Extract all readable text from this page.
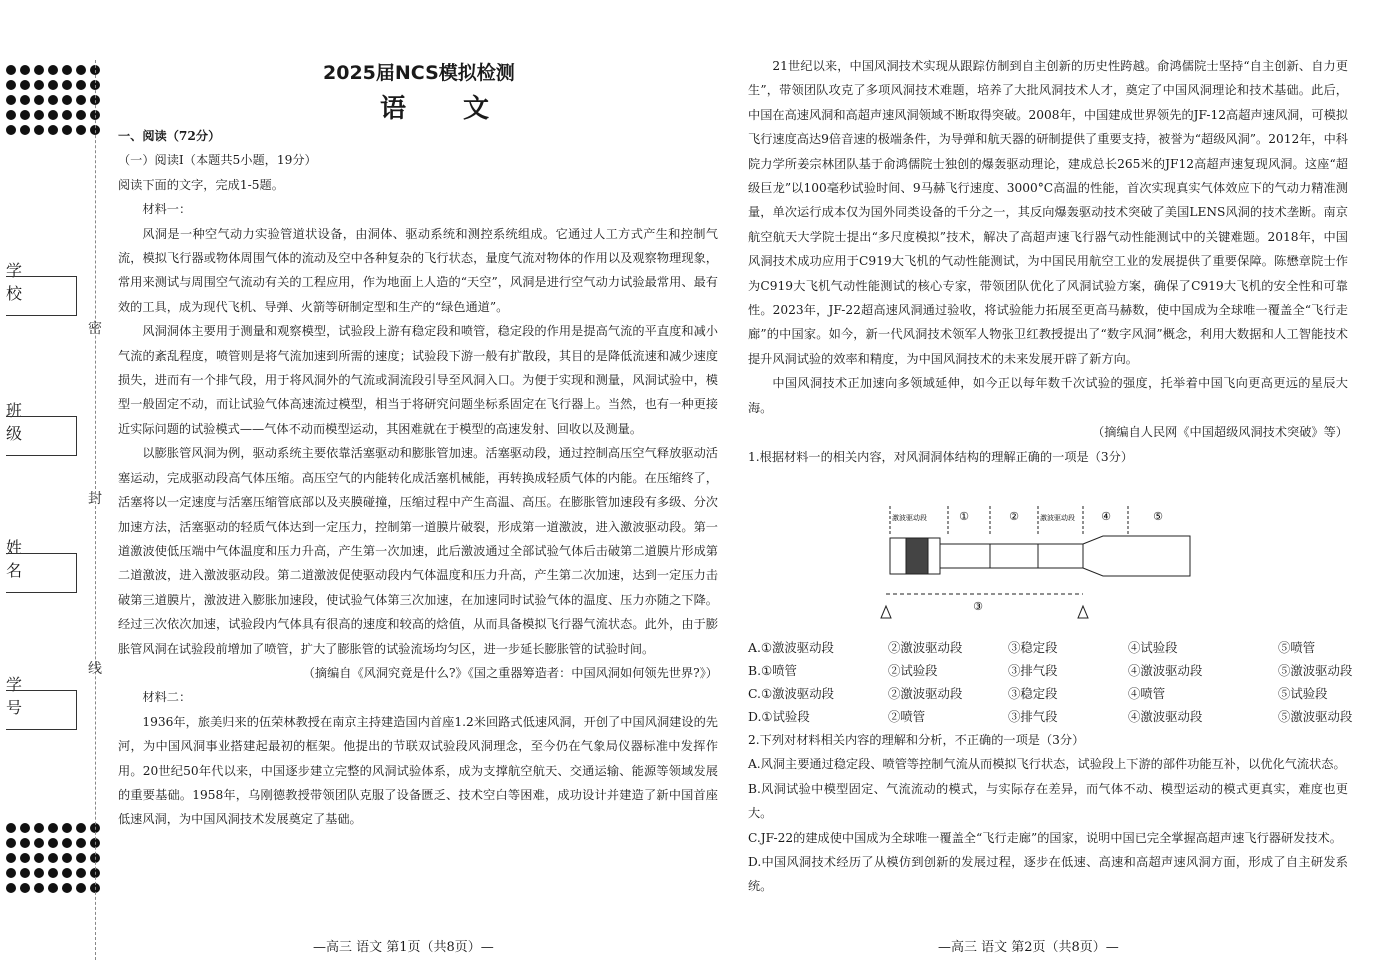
学 校
班 级
姓 名
学 号
密
封
线
2025届NCS模拟检测
语 文

一、阅读（72分）

（一）阅读Ⅰ（本题共5小题，19分）

阅读下面的文字，完成1-5题。

材料一：

风洞是一种空气动力实验管道状设备，由洞体、驱动系统和测控系统组成。它通过人工方式产生和控制气流，模拟飞行器或物体周围气体的流动及空中各种复杂的飞行状态，量度气流对物体的作用以及观察物理现象，常用来测试与周围空气流动有关的工程应用，作为地面上人造的“天空”，风洞是进行空气动力试验最常用、最有效的工具，成为现代飞机、导弹、火箭等研制定型和生产的“绿色通道”。

风洞洞体主要用于测量和观察模型，试验段上游有稳定段和喷管，稳定段的作用是提高气流的平直度和减小气流的紊乱程度，喷管则是将气流加速到所需的速度；试验段下游一般有扩散段，其目的是降低流速和减少速度损失，进而有一个排气段，用于将风洞外的气流或洞流段引导至风洞入口。为便于实现和测量，风洞试验中，模型一般固定不动，而让试验气体高速流过模型，相当于将研究问题坐标系固定在飞行器上。当然，也有一种更接近实际问题的试验模式——气体不动而模型运动，其困难就在于模型的高速发射、回收以及测量。

以膨胀管风洞为例，驱动系统主要依靠活塞驱动和膨胀管加速。活塞驱动段，通过控制高压空气释放驱动活塞运动，完成驱动段高气体压缩。高压空气的内能转化成活塞机械能，再转换成轻质气体的内能。在压缩终了，活塞将以一定速度与活塞压缩管底部以及夹膜碰撞，压缩过程中产生高温、高压。在膨胀管加速段有多级、分次加速方法，活塞驱动的轻质气体达到一定压力，控制第一道膜片破裂，形成第一道激波，进入激波驱动段。第一道激波使低压端中气体温度和压力升高，产生第一次加速，此后激波通过全部试验气体后击破第二道膜片形成第二道激波，进入激波驱动段。第二道激波促使驱动段内气体温度和压力升高，产生第二次加速，达到一定压力击破第三道膜片，激波进入膨胀加速段，使试验气体第三次加速，在加速同时试验气体的温度、压力亦随之下降。经过三次依次加速，试验段内气体具有很高的速度和较高的焓值，从而具备模拟飞行器气流状态。此外，由于膨胀管风洞在试验段前增加了喷管，扩大了膨胀管的试验流场均匀区，进一步延长膨胀管的试验时间。

（摘编自《风洞究竟是什么?》《国之重器筹造者：中国风洞如何领先世界?》）

材料二：

1936年，旅美归来的伍荣林教授在南京主持建造国内首座1.2米回路式低速风洞，开创了中国风洞建设的先河，为中国风洞事业搭建起最初的框架。他提出的节联双试验段风洞理念，至今仍在气象局仪器标准中发挥作用。20世纪50年代以来，中国逐步建立完整的风洞试验体系，成为支撑航空航天、交通运输、能源等领域发展的重要基础。1958年，乌刚德教授带领团队克服了设备匮乏、技术空白等困难，成功设计并建造了新中国首座低速风洞，为中国风洞技术发展奠定了基础。

—高三 语文 第1页（共8页）—

21世纪以来，中国风洞技术实现从跟踪仿制到自主创新的历史性跨越。俞鸿儒院士坚持“自主创新、自力更生”，带领团队攻克了多项风洞技术难题，培养了大批风洞技术人才，奠定了中国风洞理论和技术基础。此后，中国在高速风洞和高超声速风洞领域不断取得突破。2008年，中国建成世界领先的JF-12高超声速风洞，可模拟飞行速度高达9倍音速的极端条件，为导弹和航天器的研制提供了重要支持，被誉为“超级风洞”。2012年，中科院力学所姜宗林团队基于俞鸿儒院士独创的爆轰驱动理论，建成总长265米的JF12高超声速复现风洞。这座“超级巨龙”以100毫秒试验时间、9马赫飞行速度、3000°C高温的性能，首次实现真实气体效应下的气动力精准测量，单次运行成本仅为国外同类设备的千分之一，其反向爆轰驱动技术突破了美国LENS风洞的技术垄断。南京航空航天大学院士提出“多尺度模拟”技术，解决了高超声速飞行器气动性能测试中的关键难题。2018年，中国风洞技术成功应用于C919大飞机的气动性能测试，为中国民用航空工业的发展提供了重要保障。陈懋章院士作为C919大飞机气动性能测试的核心专家，带领团队优化了风洞试验方案，确保了C919大飞机的安全性和可靠性。2023年，JF-22超高速风洞通过验收，将试验能力拓展至更高马赫数，使中国成为全球唯一覆盖全“飞行走廊”的中国家。如今，新一代风洞技术领军人物张卫红教授提出了“数字风洞”概念，利用大数据和人工智能技术提升风洞试验的效率和精度，为中国风洞技术的未来发展开辟了新方向。

中国风洞技术正加速向多领域延伸，如今正以每年数千次试验的强度，托举着中国飞向更高更远的星辰大海。

（摘编自人民网《中国超级风洞技术突破》等）

1.根据材料一的相关内容，对风洞洞体结构的理解正确的一项是（3分）

激波驱动段	①	②	激波驱动段 ④	⑤
③
A.①激波驱动段	②激波驱动段	③稳定段	④试验段	⑤喷管
B.①喷管	②试验段	③排气段	④激波驱动段	⑤激波驱动段
C.①激波驱动段	②激波驱动段	③稳定段	④喷管	⑤试验段
D.①试验段	②喷管	③排气段	④激波驱动段	⑤激波驱动段

2.下列对材料相关内容的理解和分析，不正确的一项是（3分）

A.风洞主要通过稳定段、喷管等控制气流从而模拟飞行状态，试验段上下游的部件功能互补，以优化气流状态。

B.风洞试验中模型固定、气流流动的模式，与实际存在差异，而气体不动、模型运动的模式更真实，难度也更大。

C.JF-22的建成使中国成为全球唯一覆盖全“飞行走廊”的国家，说明中国已完全掌握高超声速飞行器研发技术。

D.中国风洞技术经历了从模仿到创新的发展过程，逐步在低速、高速和高超声速风洞方面，形成了自主研发系统。

—高三 语文 第2页（共8页）—
